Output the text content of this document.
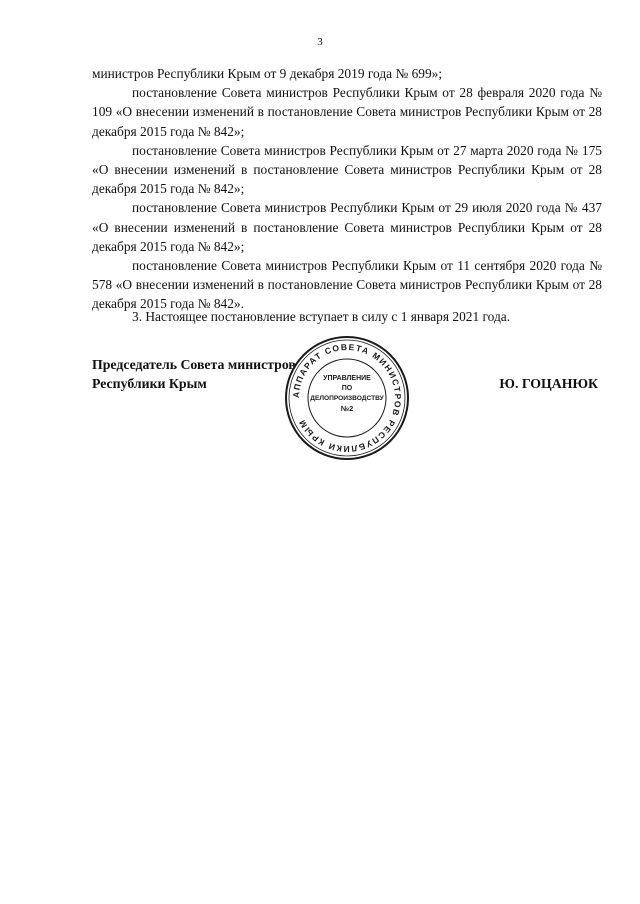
3

министров Республики Крым от 9 декабря 2019 года № 699»;

постановление Совета министров Республики Крым от 28 февраля 2020 года № 109 «О внесении изменений в постановление Совета министров Республики Крым от 28 декабря 2015 года № 842»;

постановление Совета министров Республики Крым от 27 марта 2020 года № 175 «О внесении изменений в постановление Совета министров Республики Крым от 28 декабря 2015 года № 842»;

постановление Совета министров Республики Крым от 29 июля 2020 года № 437 «О внесении изменений в постановление Совета министров Республики Крым от 28 декабря 2015 года № 842»;

постановление Совета министров Республики Крым от 11 сентября 2020 года № 578 «О внесении изменений в постановление Совета министров Республики Крым от 28 декабря 2015 года № 842».

3. Настоящее постановление вступает в силу с 1 января 2021 года.
Председатель Совета министров
Республики Крым	Ю. ГОЦАНЮК
АППАРАТ СОВЕТА МИНИСТРОВ РЕСПУБЛИКИ КРЫМ
УПРАВЛЕНИЕ
ПО
ДЕЛОПРОИЗВОДСТВУ
№2
